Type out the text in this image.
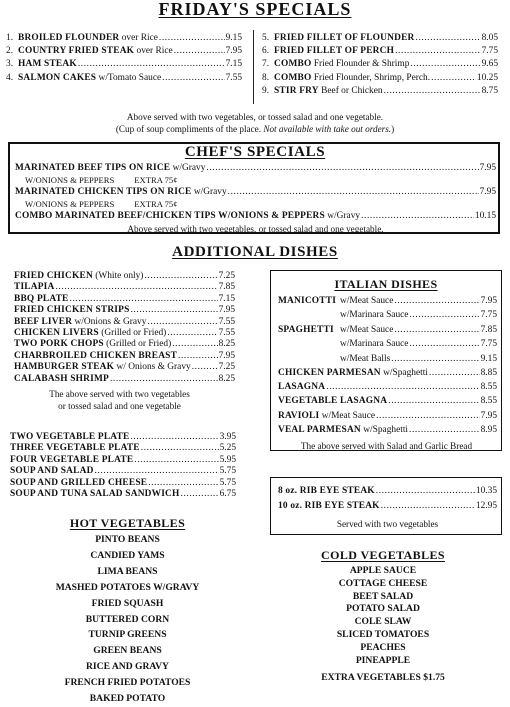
FRIDAY'S SPECIALS
1. BROILED FLOUNDER over Rice .....	9.15
2. COUNTRY FRIED STEAK over Rice .....	7.95
3. HAM STEAK .....	7.15
4. SALMON CAKES w/Tomato Sauce .....	7.55
5. FRIED FILLET OF FLOUNDER .....	8.05
6. FRIED FILLET OF PERCH .....	7.75
7. COMBO Fried Flounder & Shrimp .....	9.65
8. COMBO Fried Flounder, Shrimp, Perch. .....	10.25
9. STIR FRY Beef or Chicken .....	8.75
Above served with two vegetables, or tossed salad and one vegetable.
(Cup of soup compliments of the place. Not available with take out orders.)
CHEF'S SPECIALS
MARINATED BEEF TIPS ON RICE w/Gravy .....	7.95
W/ONIONS & PEPPERS EXTRA 75¢
MARINATED CHICKEN TIPS ON RICE w/Gravy .....	7.95
W/ONIONS & PEPPERS EXTRA 75¢
COMBO MARINATED BEEF/CHICKEN TIPS W/ONIONS & PEPPERS w/Gravy .....	10.15
Above served with two vegetables, or tossed salad and one vegetable.
ADDITIONAL DISHES
FRIED CHICKEN (White only) .....	7.25
TILAPIA .....	7.85
BBQ PLATE .....	7.15
FRIED CHICKEN STRIPS .....	7.95
BEEF LIVER w/Onions & Gravy .....	7.55
CHICKEN LIVERS (Grilled or Fried) .....	7.55
TWO PORK CHOPS (Grilled or Fried) .....	8.25
CHARBROILED CHICKEN BREAST .....	7.95
HAMBURGER STEAK w/ Onions & Gravy .....	7.25
CALABASH SHRIMP .....	8.25
The above served with two vegetables
or tossed salad and one vegetable
TWO VEGETABLE PLATE .....	3.95
THREE VEGETABLE PLATE .....	5.25
FOUR VEGETABLE PLATE .....	5.95
SOUP AND SALAD .....	5.75
SOUP AND GRILLED CHEESE .....	5.75
SOUP AND TUNA SALAD SANDWICH .....	6.75
ITALIAN DISHES
MANICOTTI w/Meat Sauce .....	7.95
w/Marinara Sauce .....	7.75
SPAGHETTI w/Meat Sauce .....	7.85
w/Marinara Sauce .....	7.75
w/Meat Balls .....	9.15
CHICKEN PARMESAN w/Spaghetti .....	8.85
LASAGNA .....	8.55
VEGETABLE LASAGNA .....	8.55
RAVIOLI w/Meat Sauce .....	7.95
VEAL PARMESAN w/Spaghetti .....	8.95
The above served with Salad and Garlic Bread
8 oz. RIB EYE STEAK .....	10.35
10 oz. RIB EYE STEAK .....	12.95
Served with two vegetables
HOT VEGETABLES
PINTO BEANS
CANDIED YAMS
LIMA BEANS
MASHED POTATOES W/GRAVY
FRIED SQUASH
BUTTERED CORN
TURNIP GREENS
GREEN BEANS
RICE AND GRAVY
FRENCH FRIED POTATOES
BAKED POTATO
COLD VEGETABLES
APPLE SAUCE
COTTAGE CHEESE
BEET SALAD
POTATO SALAD
COLE SLAW
SLICED TOMATOES
PEACHES
PINEAPPLE
EXTRA VEGETABLES $1.75
